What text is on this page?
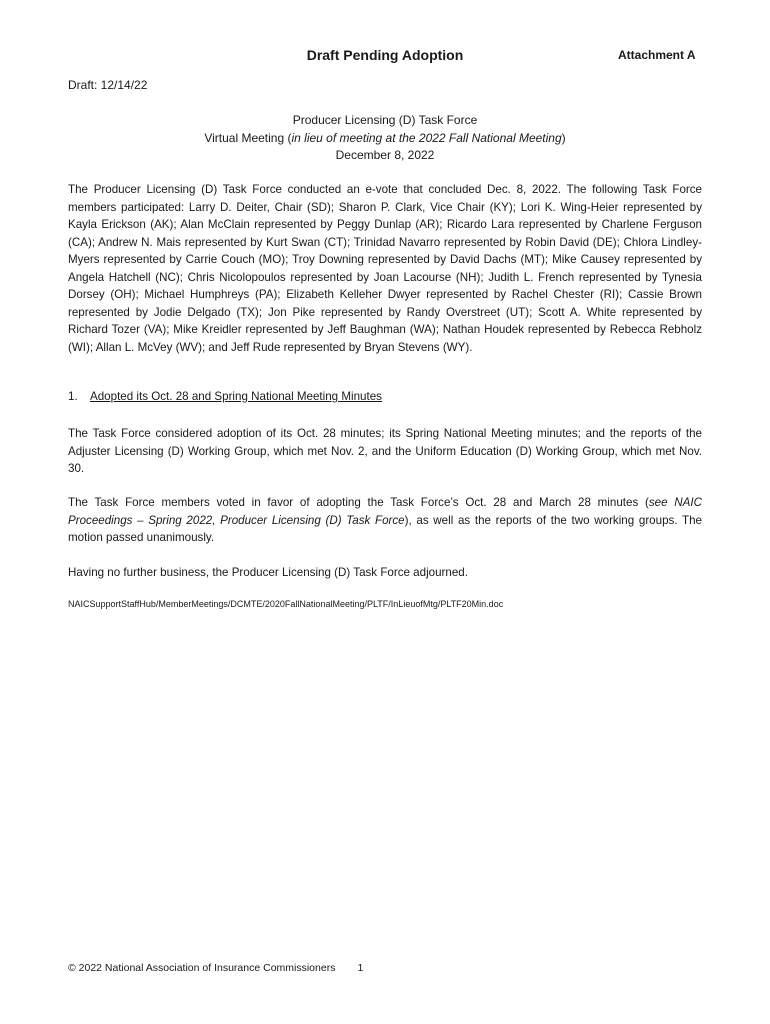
Draft Pending Adoption	Attachment A
Draft: 12/14/22
Producer Licensing (D) Task Force
Virtual Meeting (in lieu of meeting at the 2022 Fall National Meeting)
December 8, 2022
The Producer Licensing (D) Task Force conducted an e-vote that concluded Dec. 8, 2022. The following Task Force members participated: Larry D. Deiter, Chair (SD); Sharon P. Clark, Vice Chair (KY); Lori K. Wing-Heier represented by Kayla Erickson (AK); Alan McClain represented by Peggy Dunlap (AR); Ricardo Lara represented by Charlene Ferguson (CA); Andrew N. Mais represented by Kurt Swan (CT); Trinidad Navarro represented by Robin David (DE); Chlora Lindley-Myers represented by Carrie Couch (MO); Troy Downing represented by David Dachs (MT); Mike Causey represented by Angela Hatchell (NC); Chris Nicolopoulos represented by Joan Lacourse (NH); Judith L. French represented by Tynesia Dorsey (OH); Michael Humphreys (PA); Elizabeth Kelleher Dwyer represented by Rachel Chester (RI); Cassie Brown represented by Jodie Delgado (TX); Jon Pike represented by Randy Overstreet (UT); Scott A. White represented by Richard Tozer (VA); Mike Kreidler represented by Jeff Baughman (WA); Nathan Houdek represented by Rebecca Rebholz (WI); Allan L. McVey (WV); and Jeff Rude represented by Bryan Stevens (WY).
1. Adopted its Oct. 28 and Spring National Meeting Minutes
The Task Force considered adoption of its Oct. 28 minutes; its Spring National Meeting minutes; and the reports of the Adjuster Licensing (D) Working Group, which met Nov. 2, and the Uniform Education (D) Working Group, which met Nov. 30.
The Task Force members voted in favor of adopting the Task Force’s Oct. 28 and March 28 minutes (see NAIC Proceedings – Spring 2022, Producer Licensing (D) Task Force), as well as the reports of the two working groups. The motion passed unanimously.
Having no further business, the Producer Licensing (D) Task Force adjourned.
NAICSupportStaffHub/MemberMeetings/DCMTE/2020FallNationalMeeting/PLTF/InLieuofMtg/PLTF20Min.doc
© 2022 National Association of Insurance Commissioners 1
